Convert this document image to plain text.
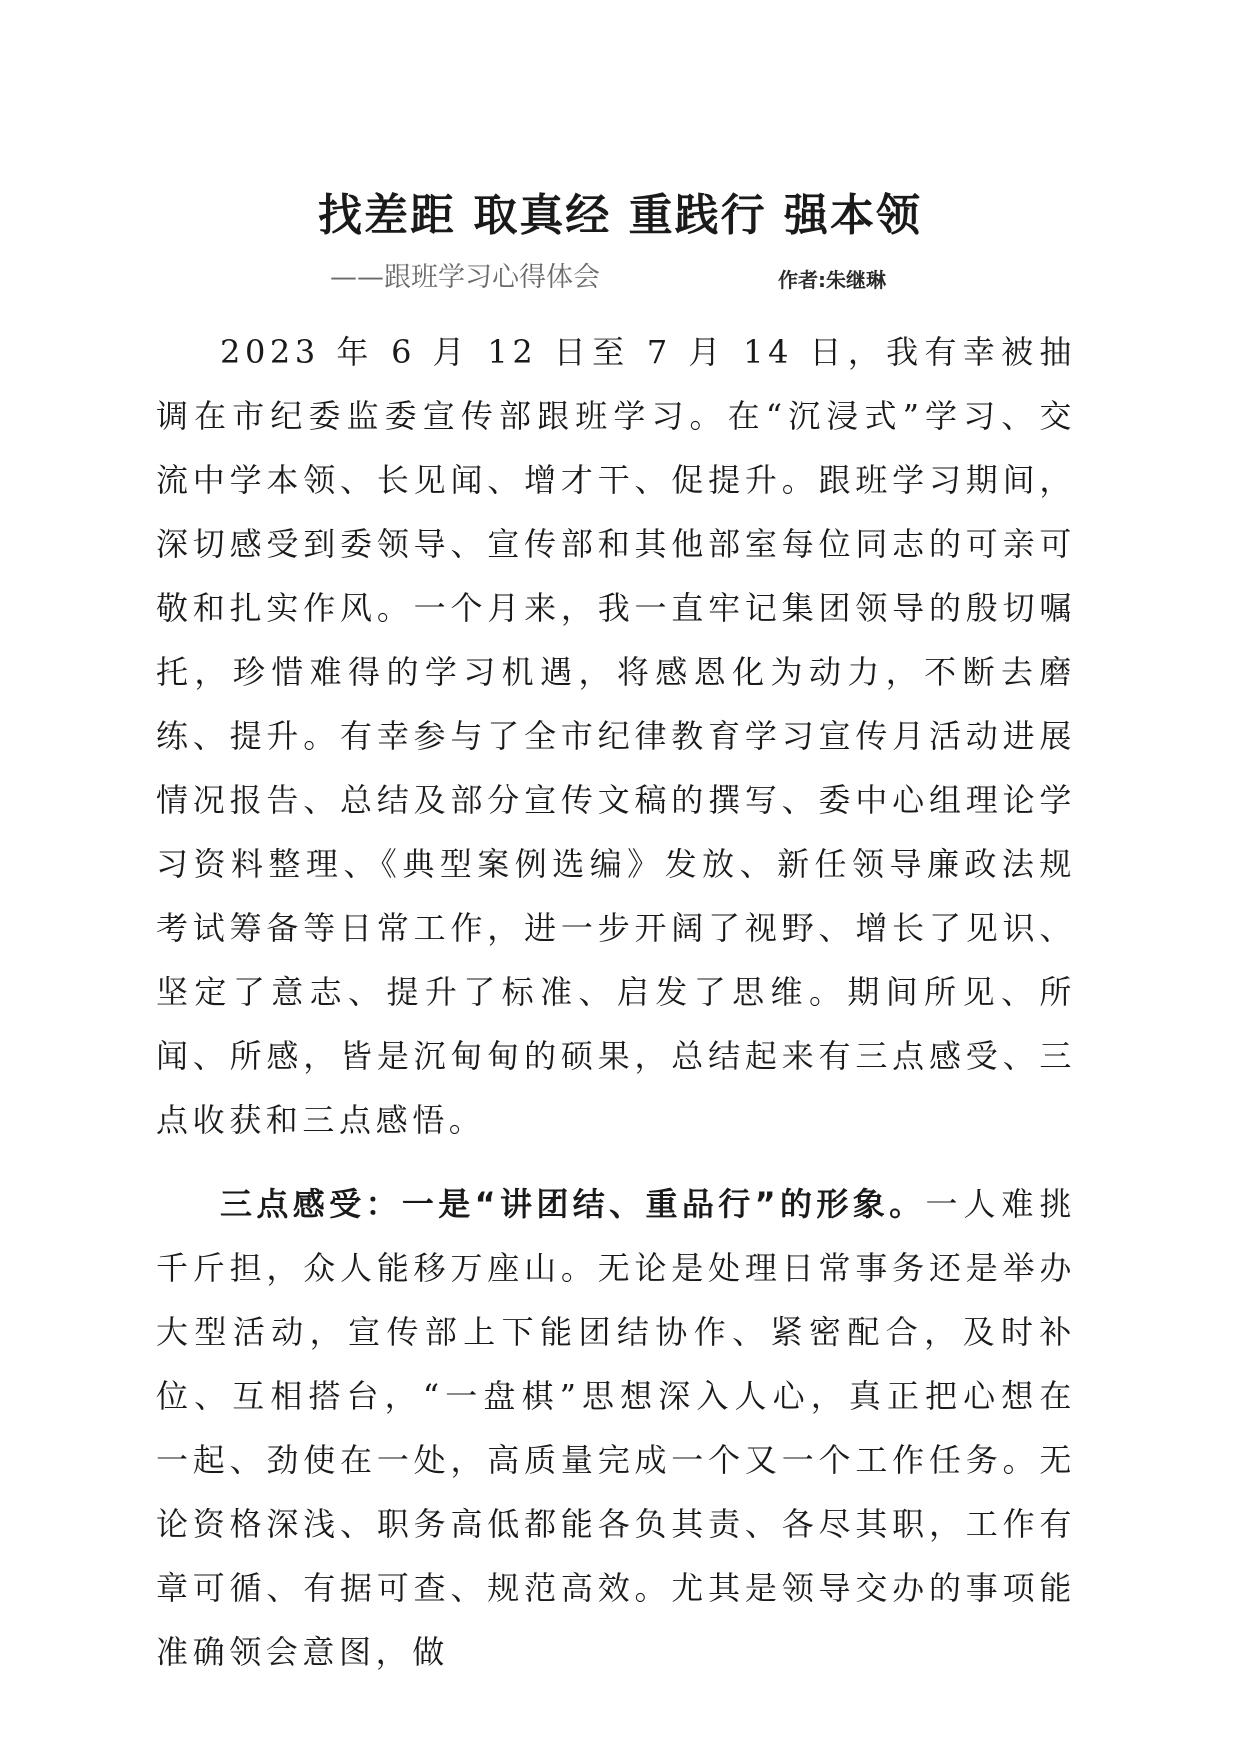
找差距 取真经 重践行 强本领
——跟班学习心得体会	作者:朱继琳

2023 年 6 月 12 日至 7 月 14 日，我有幸被抽调在市纪委监委宣传部跟班学习。在“沉浸式”学习、交流中学本领、长见闻、增才干、促提升。跟班学习期间，深切感受到委领导、宣传部和其他部室每位同志的可亲可敬和扎实作风。一个月来，我一直牢记集团领导的殷切嘱托，珍惜难得的学习机遇，将感恩化为动力，不断去磨练、提升。有幸参与了全市纪律教育学习宣传月活动进展情况报告、总结及部分宣传文稿的撰写、委中心组理论学习资料整理、《典型案例选编》发放、新任领导廉政法规考试筹备等日常工作，进一步开阔了视野、增长了见识、坚定了意志、提升了标准、启发了思维。期间所见、所闻、所感，皆是沉甸甸的硕果，总结起来有三点感受、三点收获和三点感悟。

三点感受：一是“讲团结、重品行”的形象。一人难挑千斤担，众人能移万座山。无论是处理日常事务还是举办大型活动，宣传部上下能团结协作、紧密配合，及时补位、互相搭台，“一盘棋”思想深入人心，真正把心想在一起、劲使在一处，高质量完成一个又一个工作任务。无论资格深浅、职务高低都能各负其责、各尽其职，工作有章可循、有据可查、规范高效。尤其是领导交办的事项能准确领会意图，做
